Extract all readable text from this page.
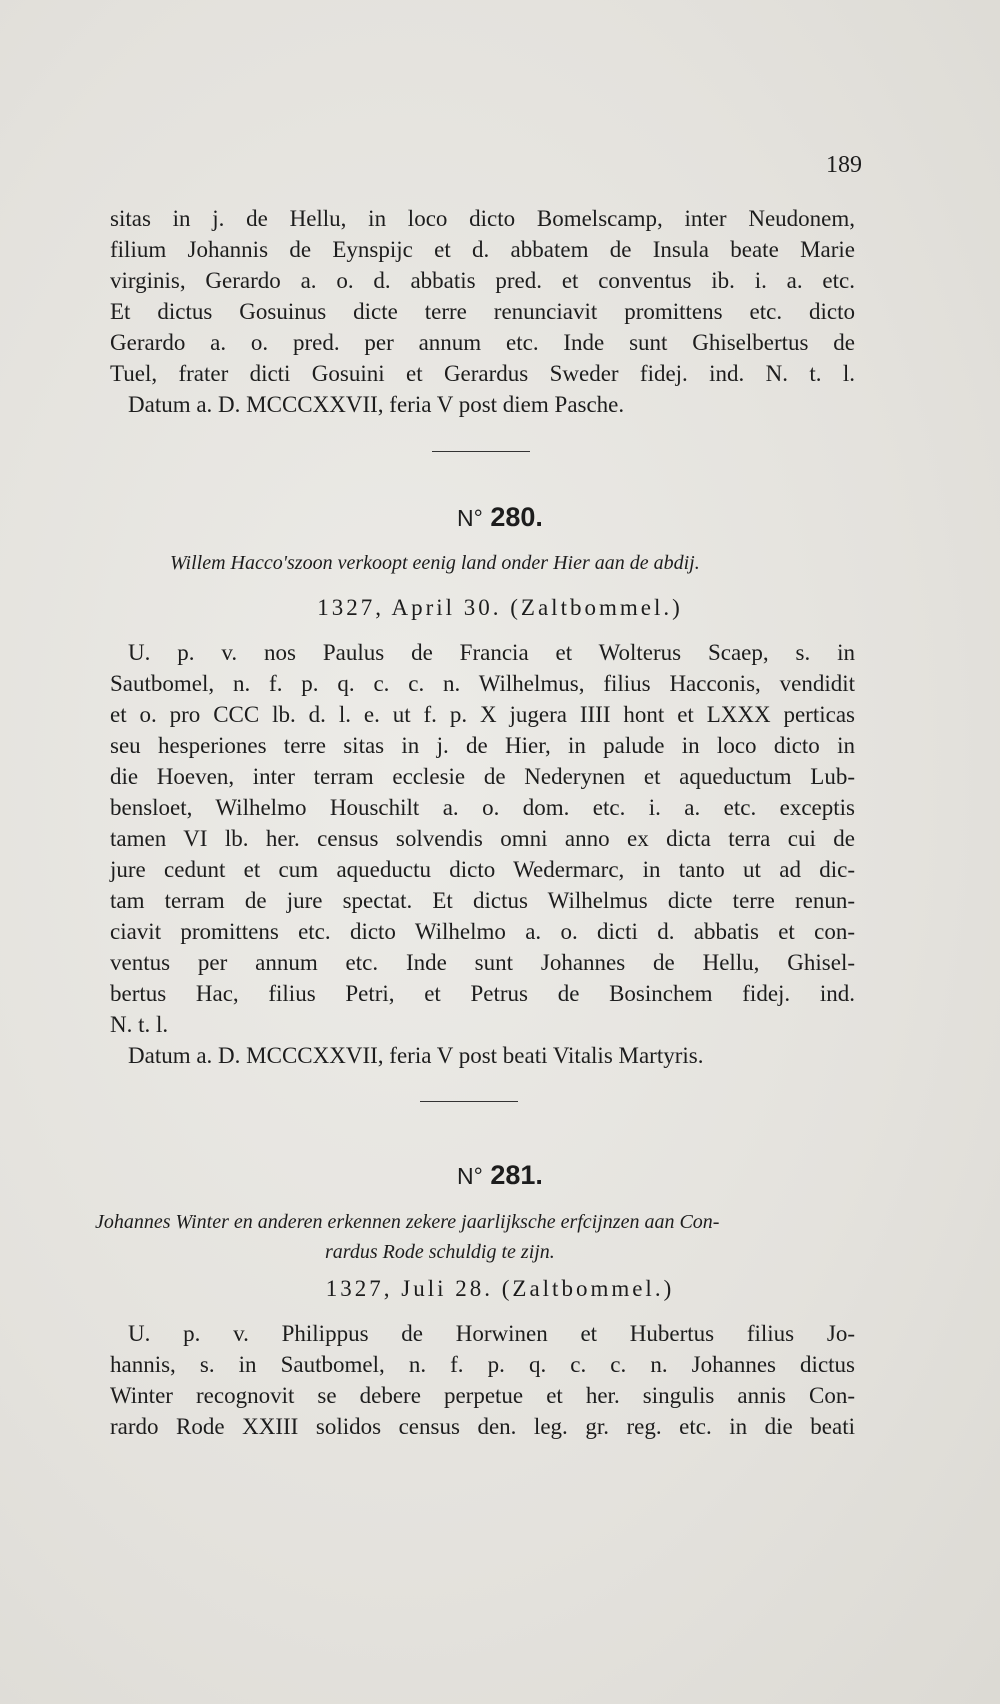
189
sitas in j. de Hellu, in loco dicto Bomelscamp, inter Neudonem,
filium Johannis de Eynspijc et d. abbatem de Insula beate Marie
virginis, Gerardo a. o. d. abbatis pred. et conventus ib. i. a. etc.
Et dictus Gosuinus dicte terre renunciavit promittens etc. dicto
Gerardo a. o. pred. per annum etc. Inde sunt Ghiselbertus de
Tuel, frater dicti Gosuini et Gerardus Sweder fidej. ind. N. t. l.
Datum a. D. MCCCXXVII, feria V post diem Pasche.
N° 280.
Willem Hacco'szoon verkoopt eenig land onder Hier aan de abdij.
1327, April 30. (Zaltbommel.)
U. p. v. nos Paulus de Francia et Wolterus Scaep, s. in
Sautbomel, n. f. p. q. c. c. n. Wilhelmus, filius Hacconis, vendidit
et o. pro CCC lb. d. l. e. ut f. p. X jugera IIII hont et LXXX perticas
seu hesperiones terre sitas in j. de Hier, in palude in loco dicto in
die Hoeven, inter terram ecclesie de Nederynen et aqueductum Lub-
bensloet, Wilhelmo Houschilt a. o. dom. etc. i. a. etc. exceptis
tamen VI lb. her. census solvendis omni anno ex dicta terra cui de
jure cedunt et cum aqueductu dicto Wedermarc, in tanto ut ad dic-
tam terram de jure spectat. Et dictus Wilhelmus dicte terre renun-
ciavit promittens etc. dicto Wilhelmo a. o. dicti d. abbatis et con-
ventus per annum etc. Inde sunt Johannes de Hellu, Ghisel-
bertus Hac, filius Petri, et Petrus de Bosinchem fidej. ind.
N. t. l.
Datum a. D. MCCCXXVII, feria V post beati Vitalis Martyris.
N° 281.
Johannes Winter en anderen erkennen zekere jaarlijksche erfcijnzen aan Con-
rardus Rode schuldig te zijn.
1327, Juli 28. (Zaltbommel.)
U. p. v. Philippus de Horwinen et Hubertus filius Jo-
hannis, s. in Sautbomel, n. f. p. q. c. c. n. Johannes dictus
Winter recognovit se debere perpetue et her. singulis annis Con-
rardo Rode XXIII solidos census den. leg. gr. reg. etc. in die beati
